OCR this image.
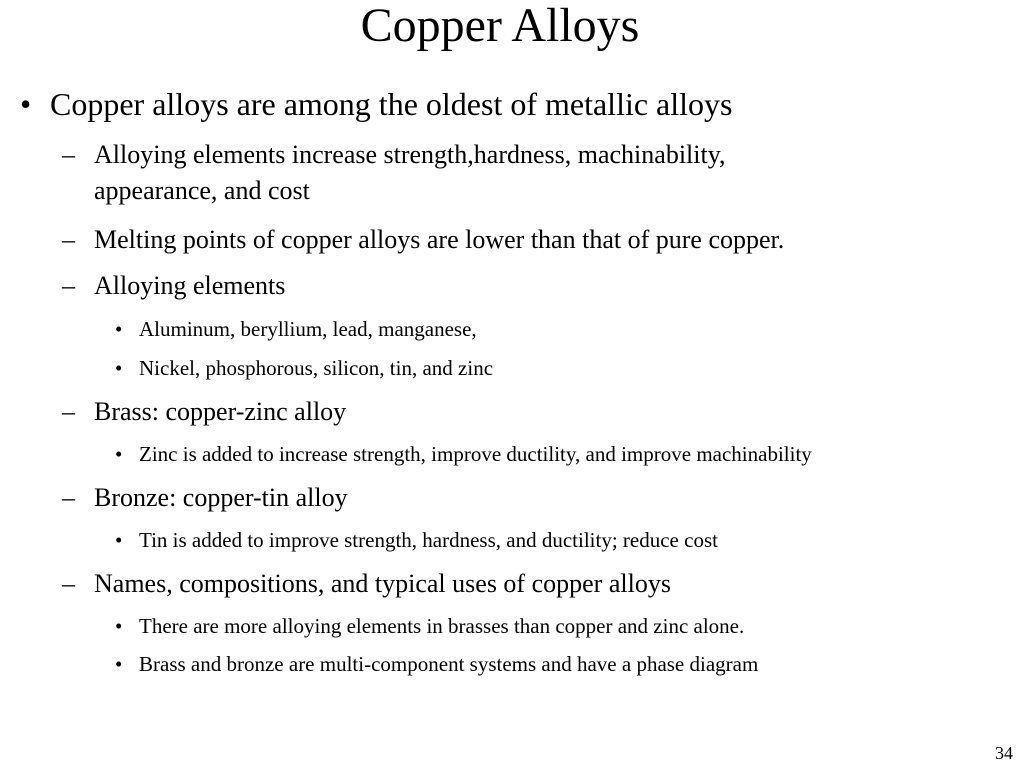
Copper Alloys
• Copper alloys are among the oldest of metallic alloys
– Alloying elements increase strength,hardness, machinability,
appearance, and cost
– Melting points of copper alloys are lower than that of pure copper.
– Alloying elements
• Aluminum, beryllium, lead, manganese,
• Nickel, phosphorous, silicon, tin, and zinc
– Brass: copper-zinc alloy
• Zinc is added to increase strength, improve ductility, and improve machinability
– Bronze: copper-tin alloy
• Tin is added to improve strength, hardness, and ductility; reduce cost
– Names, compositions, and typical uses of copper alloys
• There are more alloying elements in brasses than copper and zinc alone.
• Brass and bronze are multi-component systems and have a phase diagram
34
